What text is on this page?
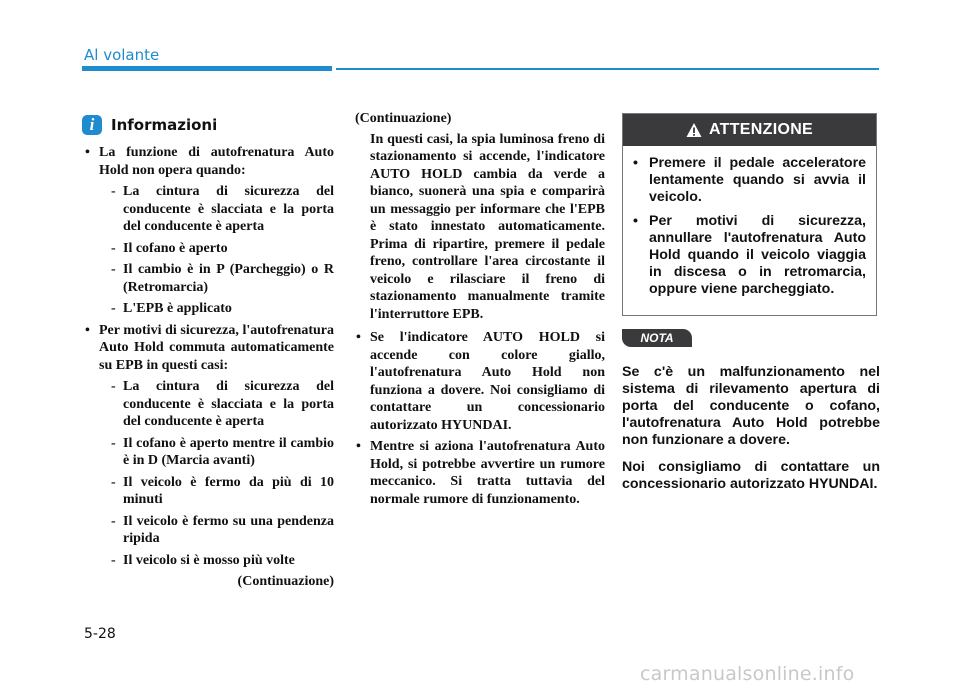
Al volante
i	Informazioni

• La funzione di autofrenatura Auto Hold non opera quando:

- La cintura di sicurezza del conducente è slacciata e la porta del conducente è aperta

- Il cofano è aperto

- Il cambio è in P (Parcheggio) o R (Retromarcia)

- L'EPB è applicato

• Per motivi di sicurezza, l'autofrenatura Auto Hold commuta automaticamente su EPB in questi casi:

- La cintura di sicurezza del conducente è slacciata e la porta del conducente è aperta

- Il cofano è aperto mentre il cambio è in D (Marcia avanti)

- Il veicolo è fermo da più di 10 minuti

- Il veicolo è fermo su una pendenza ripida

- Il veicolo si è mosso più volte

(Continuazione)

(Continuazione)

In questi casi, la spia luminosa freno di stazionamento si accende, l'indicatore AUTO HOLD cambia da verde a bianco, suonerà una spia e comparirà un messaggio per informare che l'EPB è stato innestato automaticamente. Prima di ripartire, premere il pedale freno, controllare l'area circostante il veicolo e rilasciare il freno di stazionamento manualmente tramite l'interruttore EPB.

• Se l'indicatore AUTO HOLD si accende con colore giallo, l'autofrenatura Auto Hold non funziona a dovere. Noi consigliamo di contattare un concessionario autorizzato HYUNDAI.

• Mentre si aziona l'autofrenatura Auto Hold, si potrebbe avvertire un rumore meccanico. Si tratta tuttavia del normale rumore di funzionamento.

ATTENZIONE

• Premere il pedale acceleratore lentamente quando si avvia il veicolo.

• Per motivi di sicurezza, annullare l'autofrenatura Auto Hold quando il veicolo viaggia in discesa o in retromarcia, oppure viene parcheggiato.

NOTA

Se c'è un malfunzionamento nel sistema di rilevamento apertura di porta del conducente o cofano, l'autofrenatura Auto Hold potrebbe non funzionare a dovere.

Noi consigliamo di contattare un concessionario autorizzato HYUNDAI.

5-28
carmanualsonline.info
